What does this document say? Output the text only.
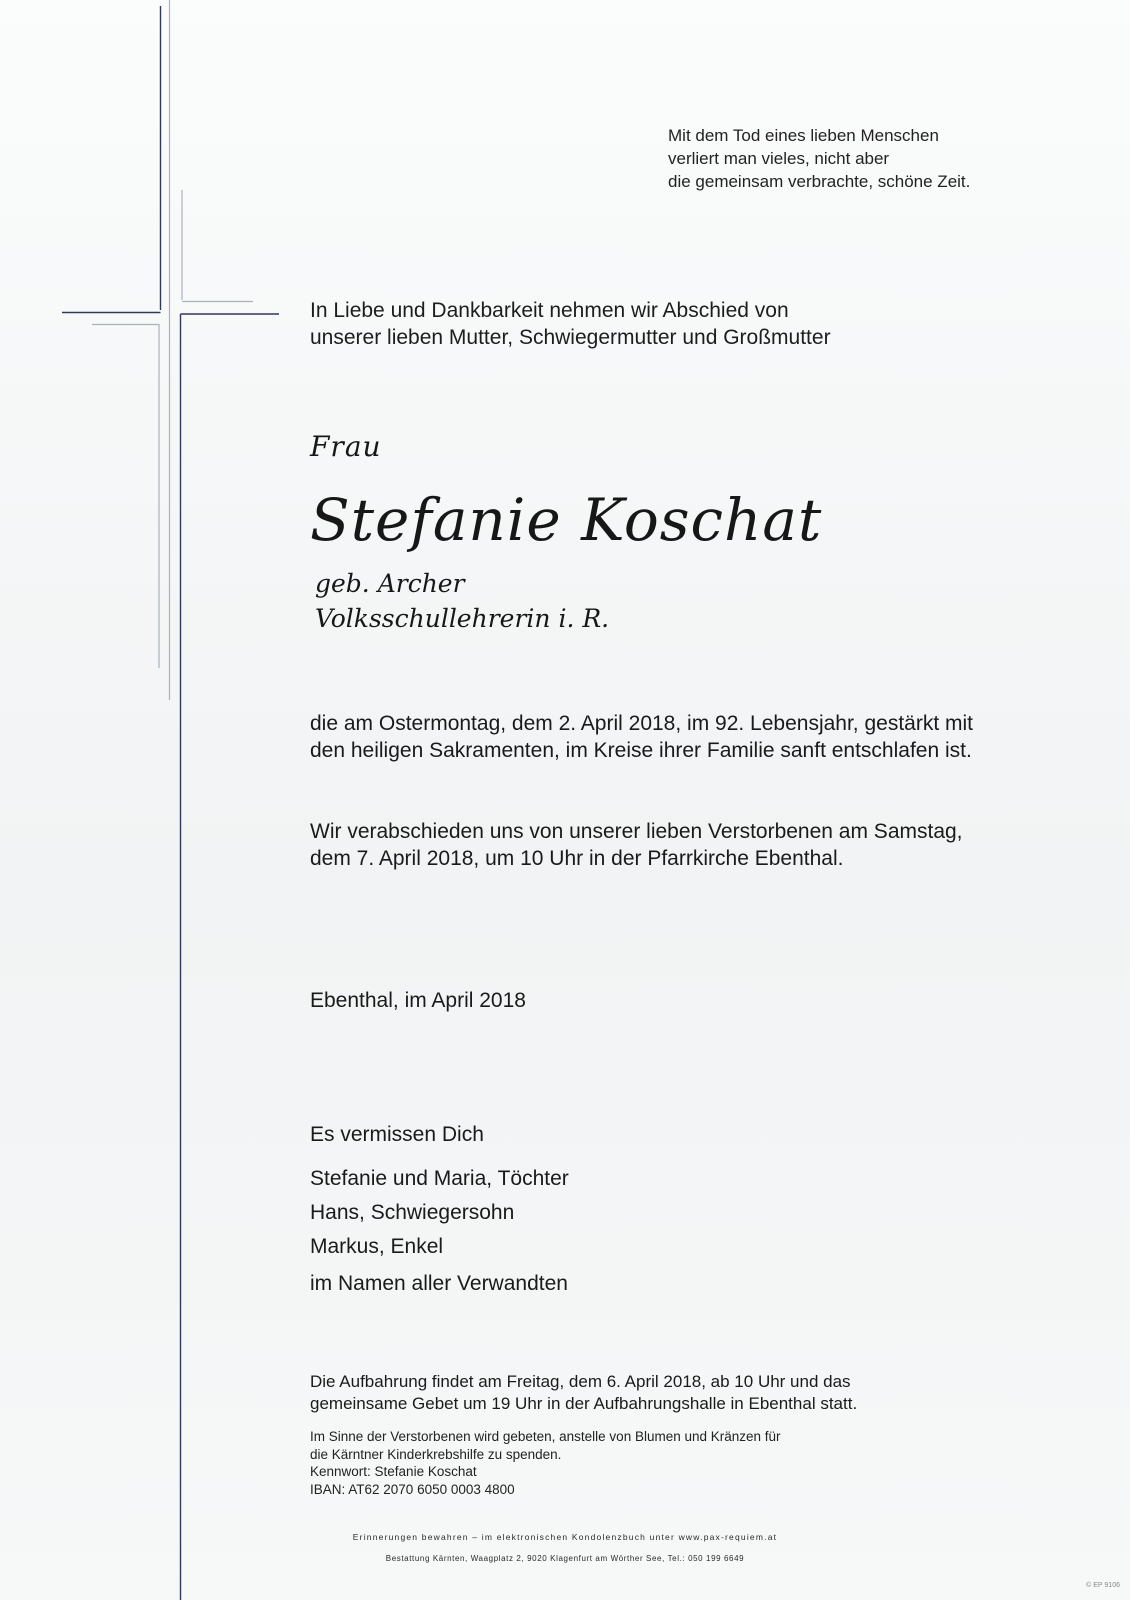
Mit dem Tod eines lieben Menschen
verliert man vieles, nicht aber
die gemeinsam verbrachte, schöne Zeit.
In Liebe und Dankbarkeit nehmen wir Abschied von
unserer lieben Mutter, Schwiegermutter und Großmutter
Frau
Stefanie Koschat
geb. Archer
Volksschullehrerin i. R.
die am Ostermontag, dem 2. April 2018, im 92. Lebensjahr, gestärkt mit
den heiligen Sakramenten, im Kreise ihrer Familie sanft entschlafen ist.
Wir verabschieden uns von unserer lieben Verstorbenen am Samstag,
dem 7. April 2018, um 10 Uhr in der Pfarrkirche Ebenthal.
Ebenthal, im April 2018
Es vermissen Dich
Stefanie und Maria, Töchter
Hans, Schwiegersohn
Markus, Enkel
im Namen aller Verwandten
Die Aufbahrung findet am Freitag, dem 6. April 2018, ab 10 Uhr und das
gemeinsame Gebet um 19 Uhr in der Aufbahrungshalle in Ebenthal statt.
Im Sinne der Verstorbenen wird gebeten, anstelle von Blumen und Kränzen für
die Kärntner Kinderkrebshilfe zu spenden.
Kennwort: Stefanie Koschat
IBAN: AT62 2070 6050 0003 4800
Erinnerungen bewahren – im elektronischen Kondolenzbuch unter www.pax-requiem.at
Bestattung Kärnten, Waagplatz 2, 9020 Klagenfurt am Wörther See, Tel.: 050 199 6649
© EP 9106
